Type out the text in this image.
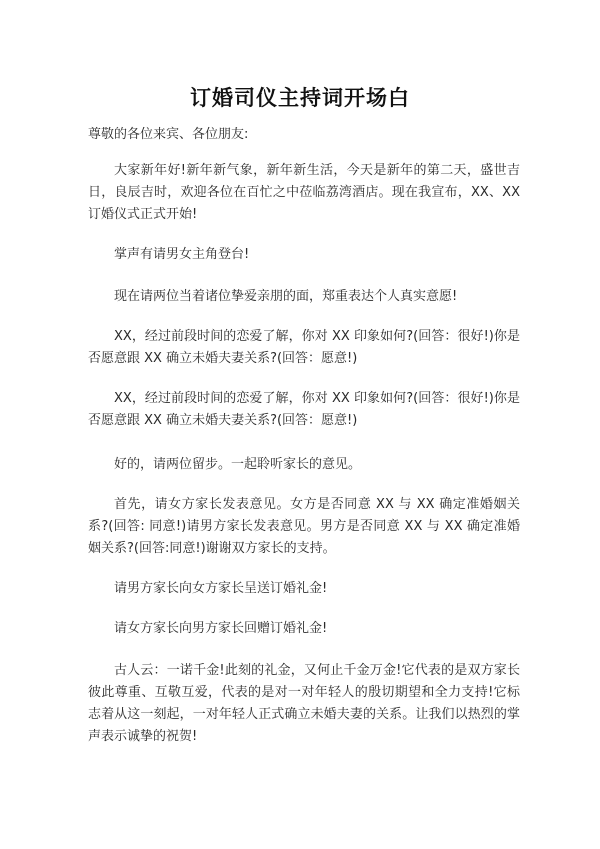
订婚司仪主持词开场白
尊敬的各位来宾、各位朋友:
大家新年好!新年新气象，新年新生活，今天是新年的第二天，盛世吉日，良辰吉时，欢迎各位在百忙之中莅临荔湾酒店。现在我宣布，XX、XX 订婚仪式正式开始!
掌声有请男女主角登台!
现在请两位当着诸位挚爱亲朋的面，郑重表达个人真实意愿!
XX，经过前段时间的恋爱了解，你对 XX 印象如何?(回答：很好!)你是否愿意跟 XX 确立未婚夫妻关系?(回答：愿意!)
XX，经过前段时间的恋爱了解，你对 XX 印象如何?(回答：很好!)你是否愿意跟 XX 确立未婚夫妻关系?(回答：愿意!)
好的，请两位留步。一起聆听家长的意见。
首先，请女方家长发表意见。女方是否同意 XX 与 XX 确定准婚姻关系?(回答: 同意!)请男方家长发表意见。男方是否同意 XX 与 XX 确定准婚姻关系?(回答:同意!)谢谢双方家长的支持。
请男方家长向女方家长呈送订婚礼金!
请女方家长向男方家长回赠订婚礼金!
古人云：一诺千金!此刻的礼金，又何止千金万金!它代表的是双方家长彼此尊重、互敬互爱，代表的是对一对年轻人的殷切期望和全力支持!它标志着从这一刻起，一对年轻人正式确立未婚夫妻的关系。让我们以热烈的掌声表示诚挚的祝贺!
